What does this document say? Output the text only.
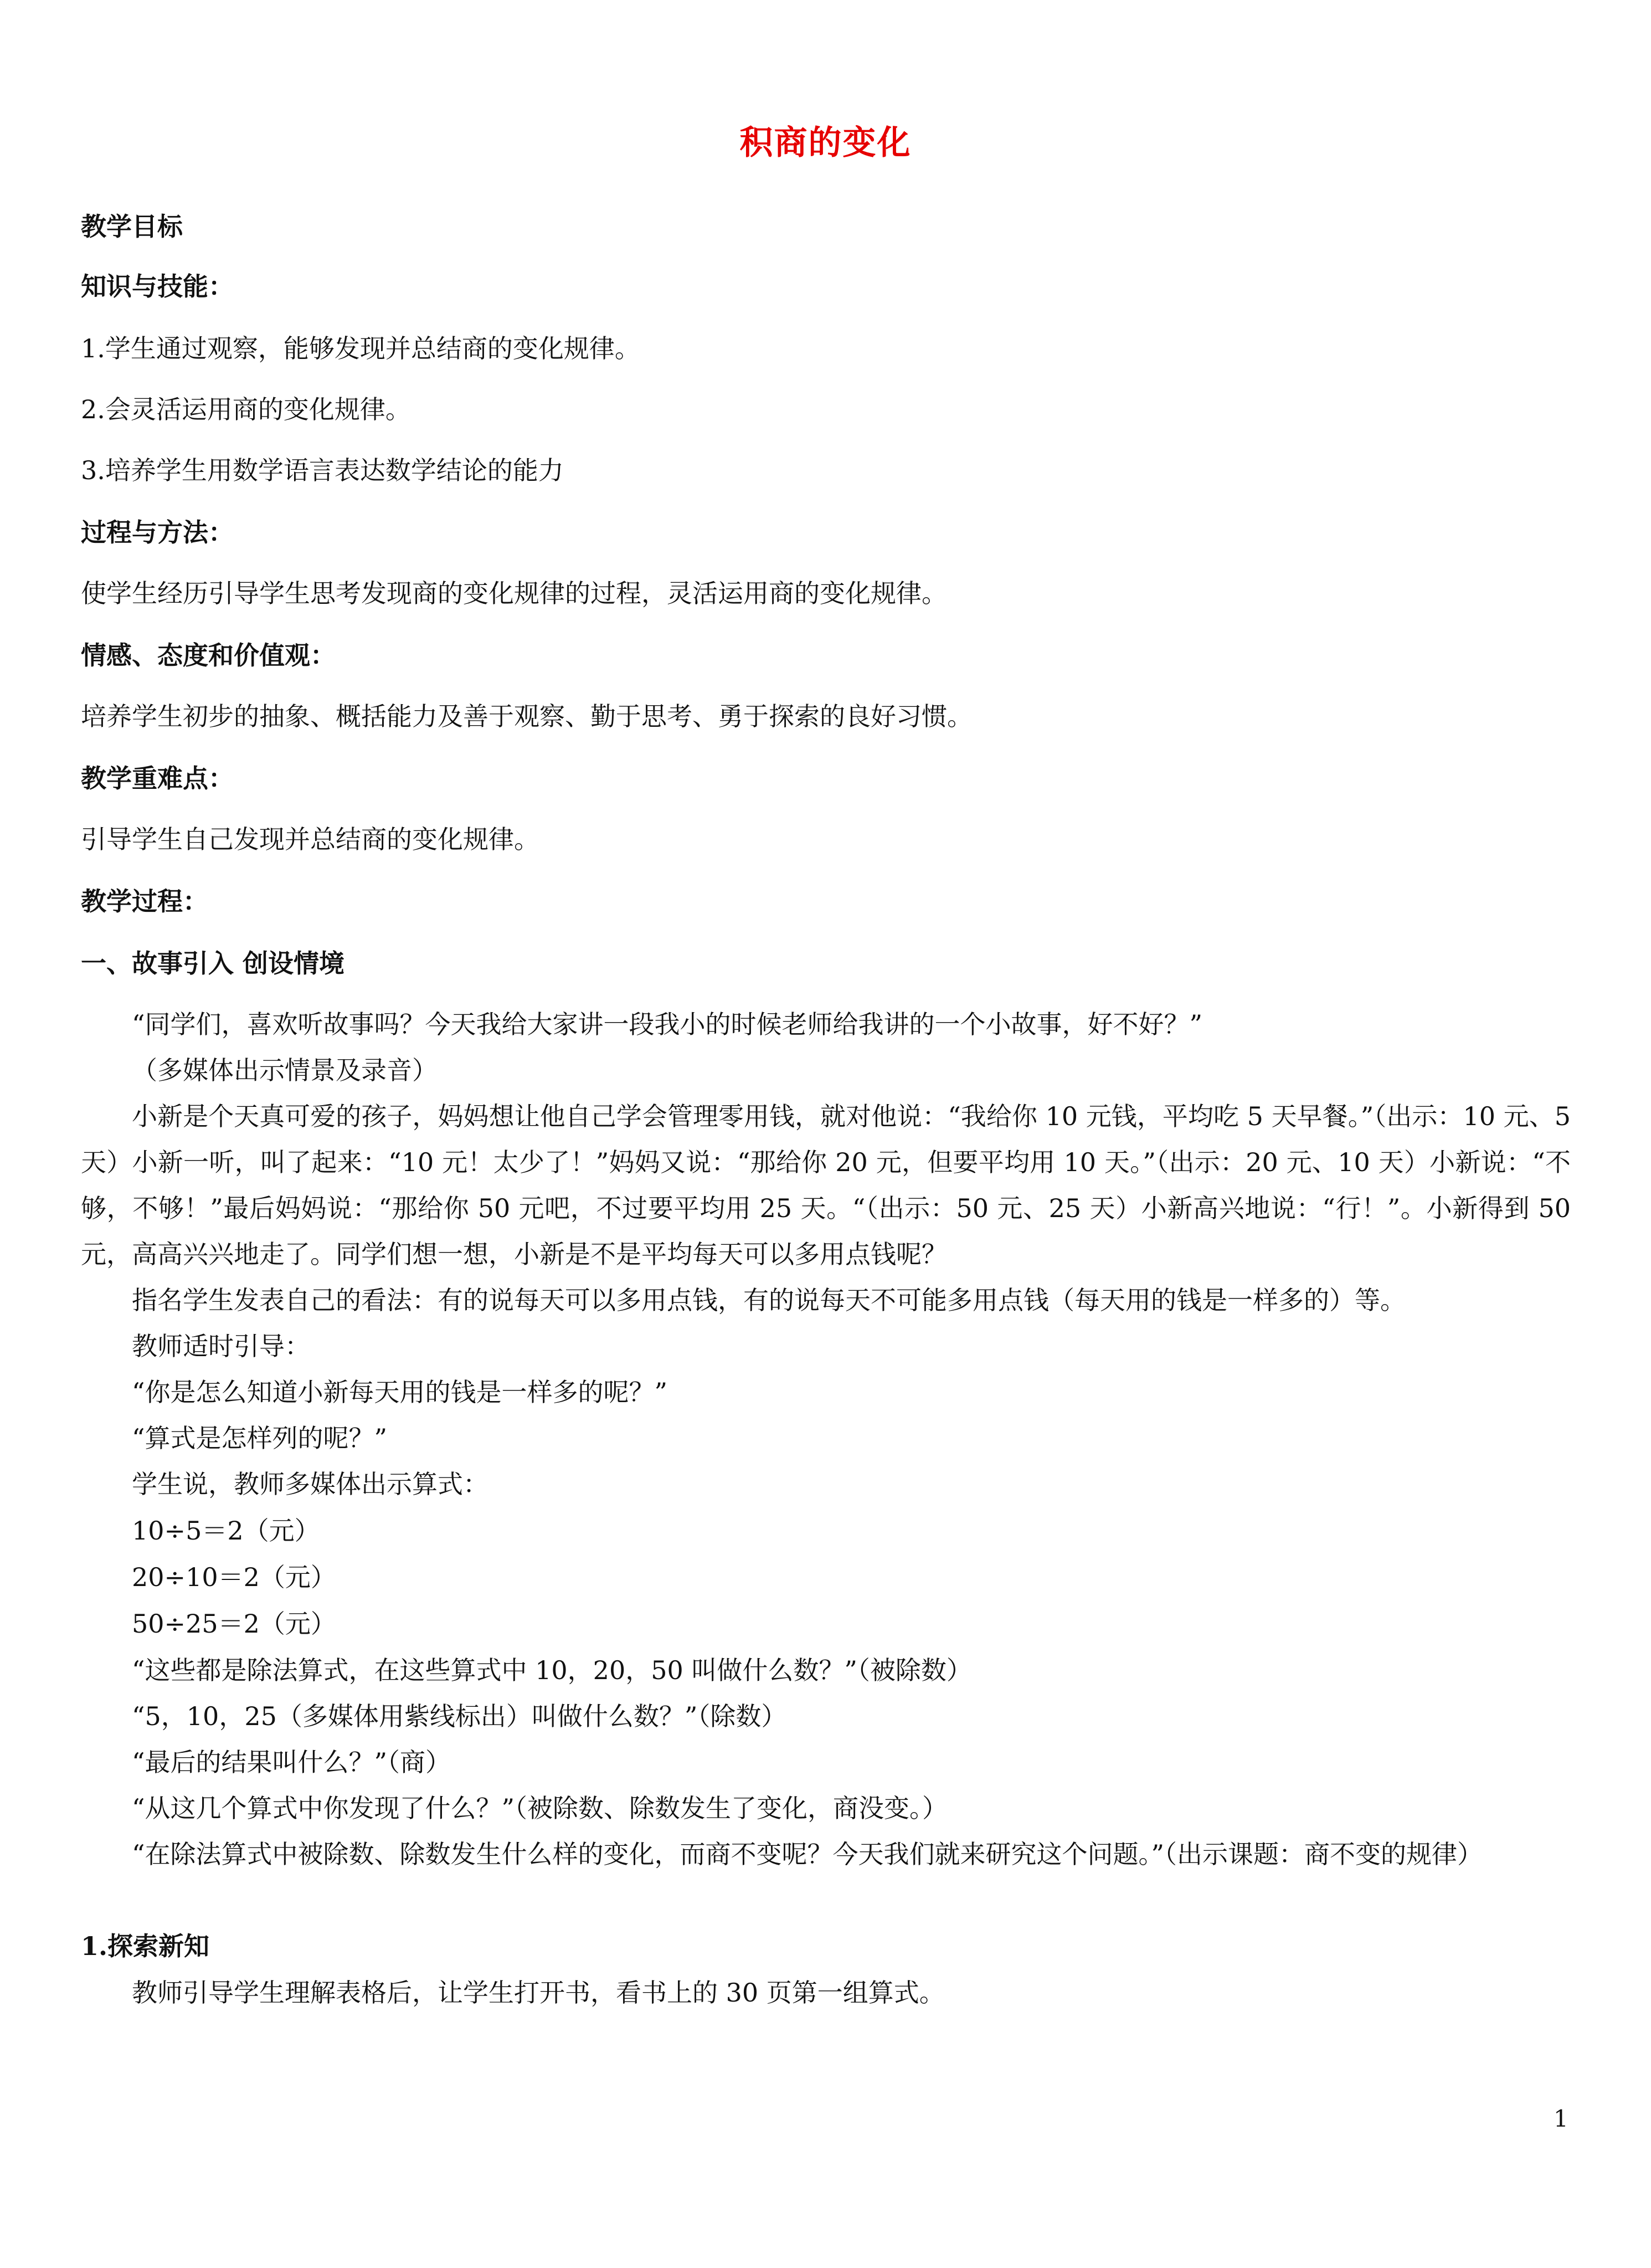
积商的变化
教学目标
知识与技能：
1.学生通过观察，能够发现并总结商的变化规律。
2.会灵活运用商的变化规律。
3.培养学生用数学语言表达数学结论的能力
过程与方法：
使学生经历引导学生思考发现商的变化规律的过程，灵活运用商的变化规律。
情感、态度和价值观：
培养学生初步的抽象、概括能力及善于观察、勤于思考、勇于探索的良好习惯。
教学重难点：
引导学生自己发现并总结商的变化规律。
教学过程：
一、故事引入 创设情境
“同学们，喜欢听故事吗？今天我给大家讲一段我小的时候老师给我讲的一个小故事，好不好？”
（多媒体出示情景及录音）
小新是个天真可爱的孩子，妈妈想让他自己学会管理零用钱，就对他说：“我给你 10 元钱，平均吃 5 天早餐。”（出示：10 元、5 天）小新一听，叫了起来：“10 元！太少了！”妈妈又说：“那给你 20 元，但要平均用 10 天。”（出示：20 元、10 天）小新说：“不够，不够！”最后妈妈说：“那给你 50 元吧，不过要平均用 25 天。“（出示：50 元、25 天）小新高兴地说：“行！”。小新得到 50 元，高高兴兴地走了。同学们想一想，小新是不是平均每天可以多用点钱呢？
指名学生发表自己的看法：有的说每天可以多用点钱，有的说每天不可能多用点钱（每天用的钱是一样多的）等。
教师适时引导：
“你是怎么知道小新每天用的钱是一样多的呢？”
“算式是怎样列的呢？”
学生说，教师多媒体出示算式：
10÷5＝2（元）
20÷10＝2（元）
50÷25＝2（元）
“这些都是除法算式，在这些算式中 10，20，50 叫做什么数？”（被除数）
“5，10，25（多媒体用紫线标出）叫做什么数？”（除数）
“最后的结果叫什么？”（商）
“从这几个算式中你发现了什么？”（被除数、除数发生了变化，商没变。）
“在除法算式中被除数、除数发生什么样的变化，而商不变呢？今天我们就来研究这个问题。”（出示课题：商不变的规律）
1.探索新知
教师引导学生理解表格后，让学生打开书，看书上的 30 页第一组算式。
1
